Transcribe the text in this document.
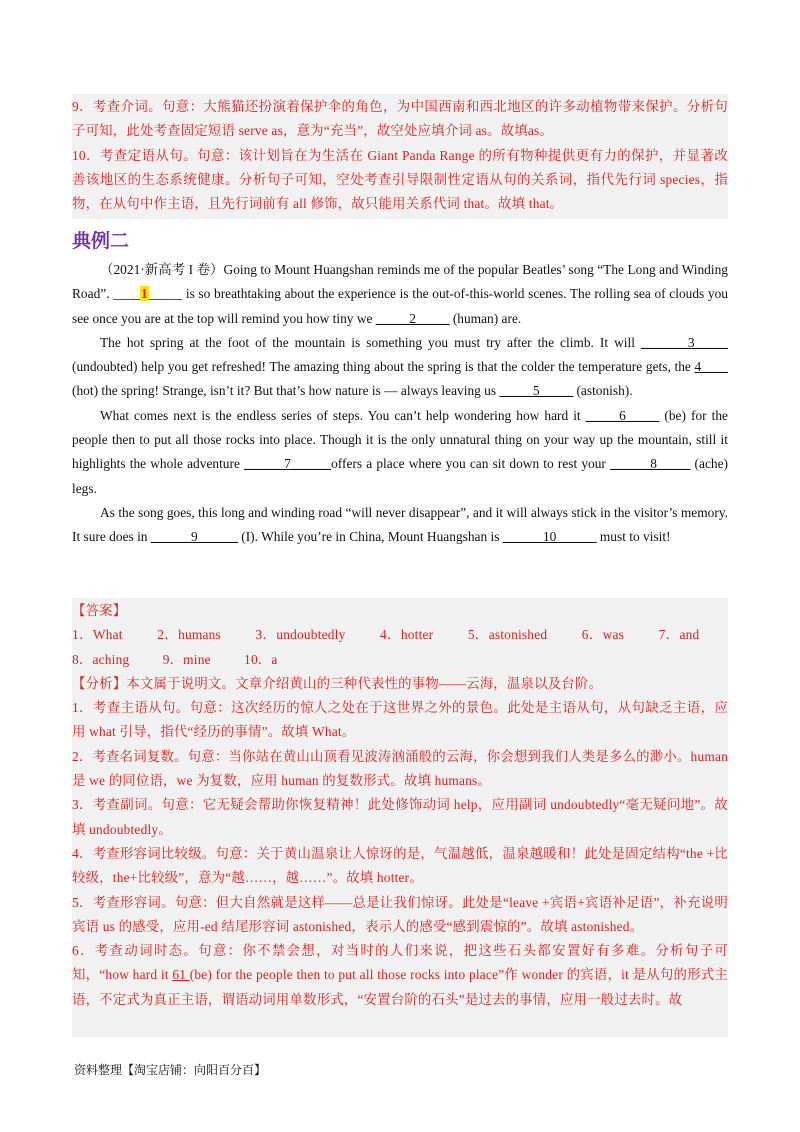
9．考查介词。句意：大熊猫还扮演着保护伞的角色，为中国西南和西北地区的许多动植物带来保护。分析句子可知，此处考查固定短语 serve as，意为“充当”，故空处应填介词 as。故填as。

10．考查定语从句。句意：该计划旨在为生活在 Giant Panda Range 的所有物种提供更有力的保护，并显著改善该地区的生态系统健康。分析句子可知，空处考查引导限制性定语从句的关系词，指代先行词 species，指物，在从句中作主语，且先行词前有 all 修饰，故只能用关系代词 that。故填 that。

典例二

（2021·新高考 I 卷）Going to Mount Huangshan reminds me of the popular Beatles’ song “The Long and Winding Road”. ____1_____ is so breathtaking about the experience is the out-of-this-world scenes. The rolling sea of clouds you see once you are at the top will remind you how tiny we _____2_____ (human) are.

The hot spring at the foot of the mountain is something you must try after the climb. It will _______3_____ (undoubted) help you get refreshed! The amazing thing about the spring is that the colder the temperature gets, the 4____ (hot) the spring! Strange, isn’t it? But that’s how nature is — always leaving us _____5_____ (astonish).

What comes next is the endless series of steps. You can’t help wondering how hard it _____6_____ (be) for the people then to put all those rocks into place. Though it is the only unnatural thing on your way up the mountain, still it highlights the whole adventure ______7______offers a place where you can sit down to rest your ______8_____ (ache) legs.

As the song goes, this long and winding road “will never disappear”, and it will always stick in the visitor’s memory. It sure does in ______9______ (I). While you’re in China, Mount Huangshan is ______10______ must to visit!

【答案】

1．What	2．humans	3．undoubtedly	4．hotter	5．astonished	6．was	7．and      8．aching 9．mine 10．a

【分析】本文属于说明文。文章介绍黄山的三种代表性的事物——云海，温泉以及台阶。

1．考查主语从句。句意：这次经历的惊人之处在于这世界之外的景色。此处是主语从句，从句缺乏主语，应用 what 引导，指代“经历的事情”。故填 What。

2．考查名词复数。句意：当你站在黄山山顶看见波涛汹涌般的云海，你会想到我们人类是多么的渺小。human 是 we 的同位语，we 为复数，应用 human 的复数形式。故填 humans。

3．考查副词。句意：它无疑会帮助你恢复精神！此处修饰动词 help，应用副词 undoubtedly“毫无疑问地”。故填 undoubtedly。

4．考查形容词比较级。句意：关于黄山温泉让人惊讶的是，气温越低，温泉越暖和！此处是固定结构“the +比较级，the+比较级”，意为“越……，越……”。故填 hotter。

5．考查形容词。句意：但大自然就是这样——总是让我们惊讶。此处是“leave +宾语+宾语补足语”，补充说明宾语 us 的感受，应用-ed 结尾形容词 astonished，表示人的感受“感到震惊的”。故填 astonished。

6．考查动词时态。句意：你不禁会想，对当时的人们来说，把这些石头都安置好有多难。分析句子可知，“how hard it 61 (be) for the people then to put all those rocks into place”作 wonder 的宾语，it 是从句的形式主语，不定式为真正主语，谓语动词用单数形式，“安置台阶的石头”是过去的事情，应用一般过去时。故

资料整理【淘宝店铺：向阳百分百】
